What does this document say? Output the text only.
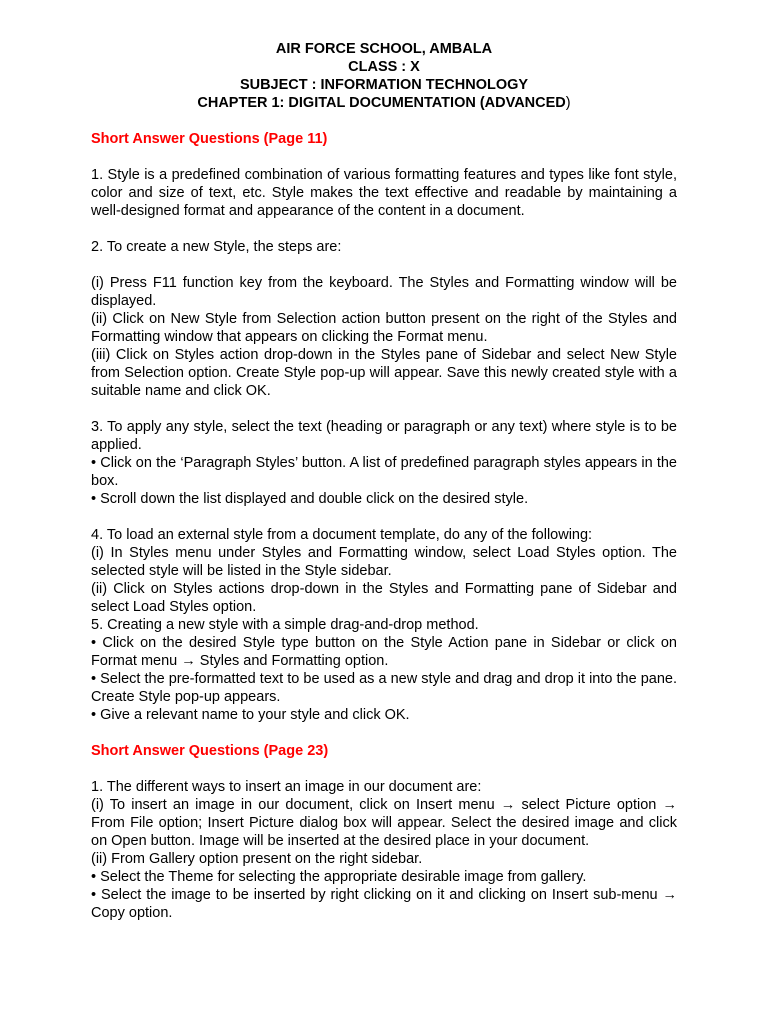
AIR FORCE SCHOOL, AMBALA
CLASS : X
SUBJECT : INFORMATION TECHNOLOGY
CHAPTER 1: DIGITAL DOCUMENTATION (ADVANCED)

Short Answer Questions (Page 11)

1. Style is a predefined combination of various formatting features and types like font style, color and size of text, etc. Style makes the text effective and readable by maintaining a well-designed format and appearance of the content in a document.

2. To create a new Style, the steps are:

(i) Press F11 function key from the keyboard. The Styles and Formatting window will be displayed.

(ii) Click on New Style from Selection action button present on the right of the Styles and Formatting window that appears on clicking the Format menu.

(iii) Click on Styles action drop-down in the Styles pane of Sidebar and select New Style from Selection option. Create Style pop-up will appear. Save this newly created style with a suitable name and click OK.

3. To apply any style, select the text (heading or paragraph or any text) where style is to be applied.

• Click on the ‘Paragraph Styles’ button. A list of predefined paragraph styles appears in the box.

• Scroll down the list displayed and double click on the desired style.

4. To load an external style from a document template, do any of the following:

(i) In Styles menu under Styles and Formatting window, select Load Styles option. The selected style will be listed in the Style sidebar.

(ii) Click on Styles actions drop-down in the Styles and Formatting pane of Sidebar and select Load Styles option.

5. Creating a new style with a simple drag-and-drop method.

• Click on the desired Style type button on the Style Action pane in Sidebar or click on Format menu → Styles and Formatting option.

• Select the pre-formatted text to be used as a new style and drag and drop it into the pane. Create Style pop-up appears.

• Give a relevant name to your style and click OK.

Short Answer Questions (Page 23)

1. The different ways to insert an image in our document are:

(i) To insert an image in our document, click on Insert menu → select Picture option → From File option; Insert Picture dialog box will appear. Select the desired image and click on Open button. Image will be inserted at the desired place in your document.

(ii) From Gallery option present on the right sidebar.

• Select the Theme for selecting the appropriate desirable image from gallery.

• Select the image to be inserted by right clicking on it and clicking on Insert sub-menu → Copy option.
